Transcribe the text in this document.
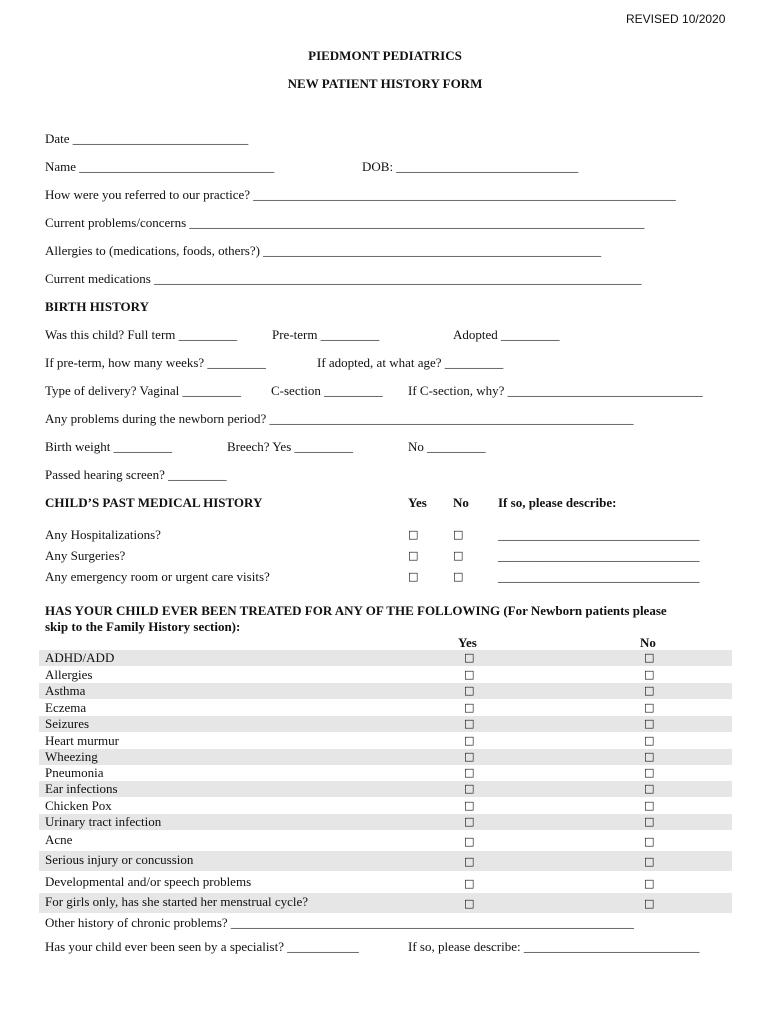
REVISED 10/2020
PIEDMONT PEDIATRICS
NEW PATIENT HISTORY FORM
Date ___________________________
Name ______________________________	DOB: ____________________________
How were you referred to our practice? _________________________________________________________________
Current problems/concerns ______________________________________________________________________
Allergies to (medications, foods, others?) ____________________________________________________
Current medications ___________________________________________________________________________
BIRTH HISTORY
Was this child? Full term _________	Pre-term _________	Adopted _________
If pre-term, how many weeks? _________	If adopted, at what age? _________
Type of delivery? Vaginal _________ C-section _________ If C-section, why? ______________________________
Any problems during the newborn period? ________________________________________________________
Birth weight _________	Breech? Yes _________	No _________
Passed hearing screen? _________
CHILD’S PAST MEDICAL HISTORY	Yes No If so, please describe:
Any Hospitalizations?	□	□	_______________________________
Any Surgeries?	□	□	_______________________________
Any emergency room or urgent care visits?	□	□	_______________________________
HAS YOUR CHILD EVER BEEN TREATED FOR ANY OF THE FOLLOWING (For Newborn patients please
skip to the Family History section):
Yes	No
ADHD/ADD	□	□
Allergies	□	□
Asthma	□	□
Eczema	□	□
Seizures	□	□
Heart murmur	□	□
Wheezing	□	□
Pneumonia	□	□
Ear infections	□	□
Chicken Pox	□	□
Urinary tract infection	□	□
Acne	□	□
Serious injury or concussion	□	□
Developmental and/or speech problems	□	□
For girls only, has she started her menstrual cycle?	□	□
Other history of chronic problems? ______________________________________________________________
Has your child ever been seen by a specialist? ___________	If so, please describe: ___________________________
